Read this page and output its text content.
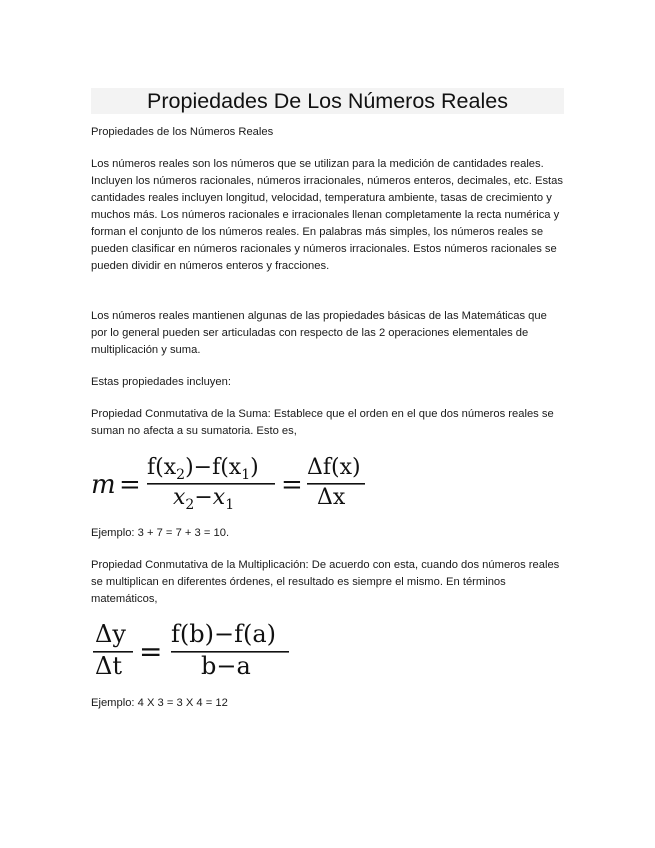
Propiedades De Los Números Reales
Propiedades de los Números Reales
Los números reales son los números que se utilizan para la medición de cantidades reales. Incluyen los números racionales, números irracionales, números enteros, decimales, etc. Estas cantidades reales incluyen longitud, velocidad, temperatura ambiente, tasas de crecimiento y muchos más. Los números racionales e irracionales llenan completamente la recta numérica y forman el conjunto de los números reales. En palabras más simples, los números reales se pueden clasificar en números racionales y números irracionales. Estos números racionales se pueden dividir en números enteros y fracciones.
Los números reales mantienen algunas de las propiedades básicas de las Matemáticas que por lo general pueden ser articuladas con respecto de las 2 operaciones elementales de multiplicación y suma.
Estas propiedades incluyen:
Propiedad Conmutativa de la Suma: Establece que el orden en el que dos números reales se suman no afecta a su sumatoria. Esto es,
m =
$f(x_2)-f(x_1)$
$x_2-x_1$
=
Δf(x)
Δx
Ejemplo: 3 + 7 = 7 + 3 = 10.
Propiedad Conmutativa de la Multiplicación: De acuerdo con esta, cuando dos números reales se multiplican en diferentes órdenes, el resultado es siempre el mismo. En términos matemáticos,
Δy
Δt =
f(b)−f(a)
b−a
Ejemplo: 4 X 3 = 3 X 4 = 12
